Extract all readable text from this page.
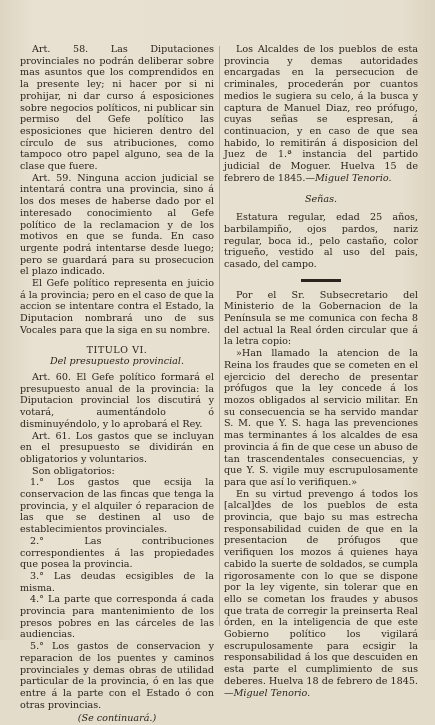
Art. 58. Las Diputaciones provinciales no podrán deliberar sobre mas asuntos que los comprendidos en la presente ley; ni hacer por si ni prohijar, ni dar curso á esposiciones sobre negocios políticos, ni publicar sin permiso del Gefe político las esposiciones que hicieren dentro del círculo de sus atribuciones, como tampoco otro papel alguno, sea de la clase que fuere.

Art. 59. Ninguna accion judicial se intentará contra una provincia, sino á los dos meses de haberse dado por el interesado conocimiento al Gefe político de la reclamacion y de los motivos en que se funda. En caso urgente podrá intentarse desde luego; pero se guardará para su prosecucion el plazo indicado.

El Gefe político representa en juicio á la provincia; pero en el caso de que la accion se intentare contra el Estado, la Diputacion nombrará uno de sus Vocales para que la siga en su nombre.

TITULO VI.

Del presupuesto provincial.

Art. 60. El Gefe político formará el presupuesto anual de la provincia: la Diputacion provincial los discutirá y votará, aumentándolo ó disminuyéndolo, y lo aprobará el Rey.

Art. 61. Los gastos que se incluyan en el presupuesto se dividirán en obligatorios y voluntarios.

Son obligatorios:

1.° Los gastos que ecsija la conservacion de las fincas que tenga la provincia, y el alquiler ó reparacion de las que se destinen al uso de establecimientos provinciales.

2.° Las contribuciones correspondientes á las propiedades que posea la provincia.

3.° Las deudas ecsigibles de la misma.

4.° La parte que corresponda á cada provincia para mantenimiento de los presos pobres en las cárceles de las audiencias.

5.° Los gastos de conservacion y reparacion de los puentes y caminos provinciales y demas obras de utilidad particular de la provincia, ó en las que entre á la parte con el Estado ó con otras provincias.

(Se continuará.)

Los Alcaldes de los pueblos de esta provincia y demas autoridades encargadas en la persecucion de criminales, procederán por cuantos medios le sugiera su celo, á la busca y captura de Manuel Diaz, reo prófugo, cuyas señas se espresan, á continuacion, y en caso de que sea habido, lo remitirán á disposicion del Juez de 1.ª instancia del partido judicial de Moguer. Huelva 15 de febrero de 1845.—Miguel Tenorio.

Señas.

Estatura regular, edad 25 años, barbilampiño, ojos pardos, nariz regular, boca id., pelo castaño, color trigueño, vestido al uso del pais, casado, del campo.

Por el Sr. Subsecretario del Ministerio de la Gobernacion de la Península se me comunica con fecha 8 del actual la Real órden circular que á la letra copio:

»Han llamado la atencion de la Reina los fraudes que se cometen en el ejercicio del derecho de presentar prófugos que la ley concede á los mozos obligados al servicio militar. En su consecuencia se ha servido mandar S. M. que Y. S. haga las prevenciones mas terminantes á los alcaldes de esa provincia á fin de que cese un abuso de tan trascendentales consecuencias, y que Y. S. vigile muy escrupulosamente para que así lo verifiquen.»

En su virtud prevengo á todos los [alcal]des de los pueblos de esta provincia, que bajo su mas estrecha responsabilidad cuiden de que en la presentacion de prófugos que verifiquen los mozos á quienes haya cabido la suerte de soldados, se cumpla rigorosamente con lo que se dispone por la ley vigente, sin tolerar que en ello se cometan los fraudes y abusos que trata de corregir la preinserta Real órden, en la inteligencia de que este Gobierno político los vigilará escrupulosamente para ecsigir la responsabilidad á los que descuiden en esta parte el cumplimiento de sus deberes. Huelva 18 de febrero de 1845.—Miguel Tenorio.
